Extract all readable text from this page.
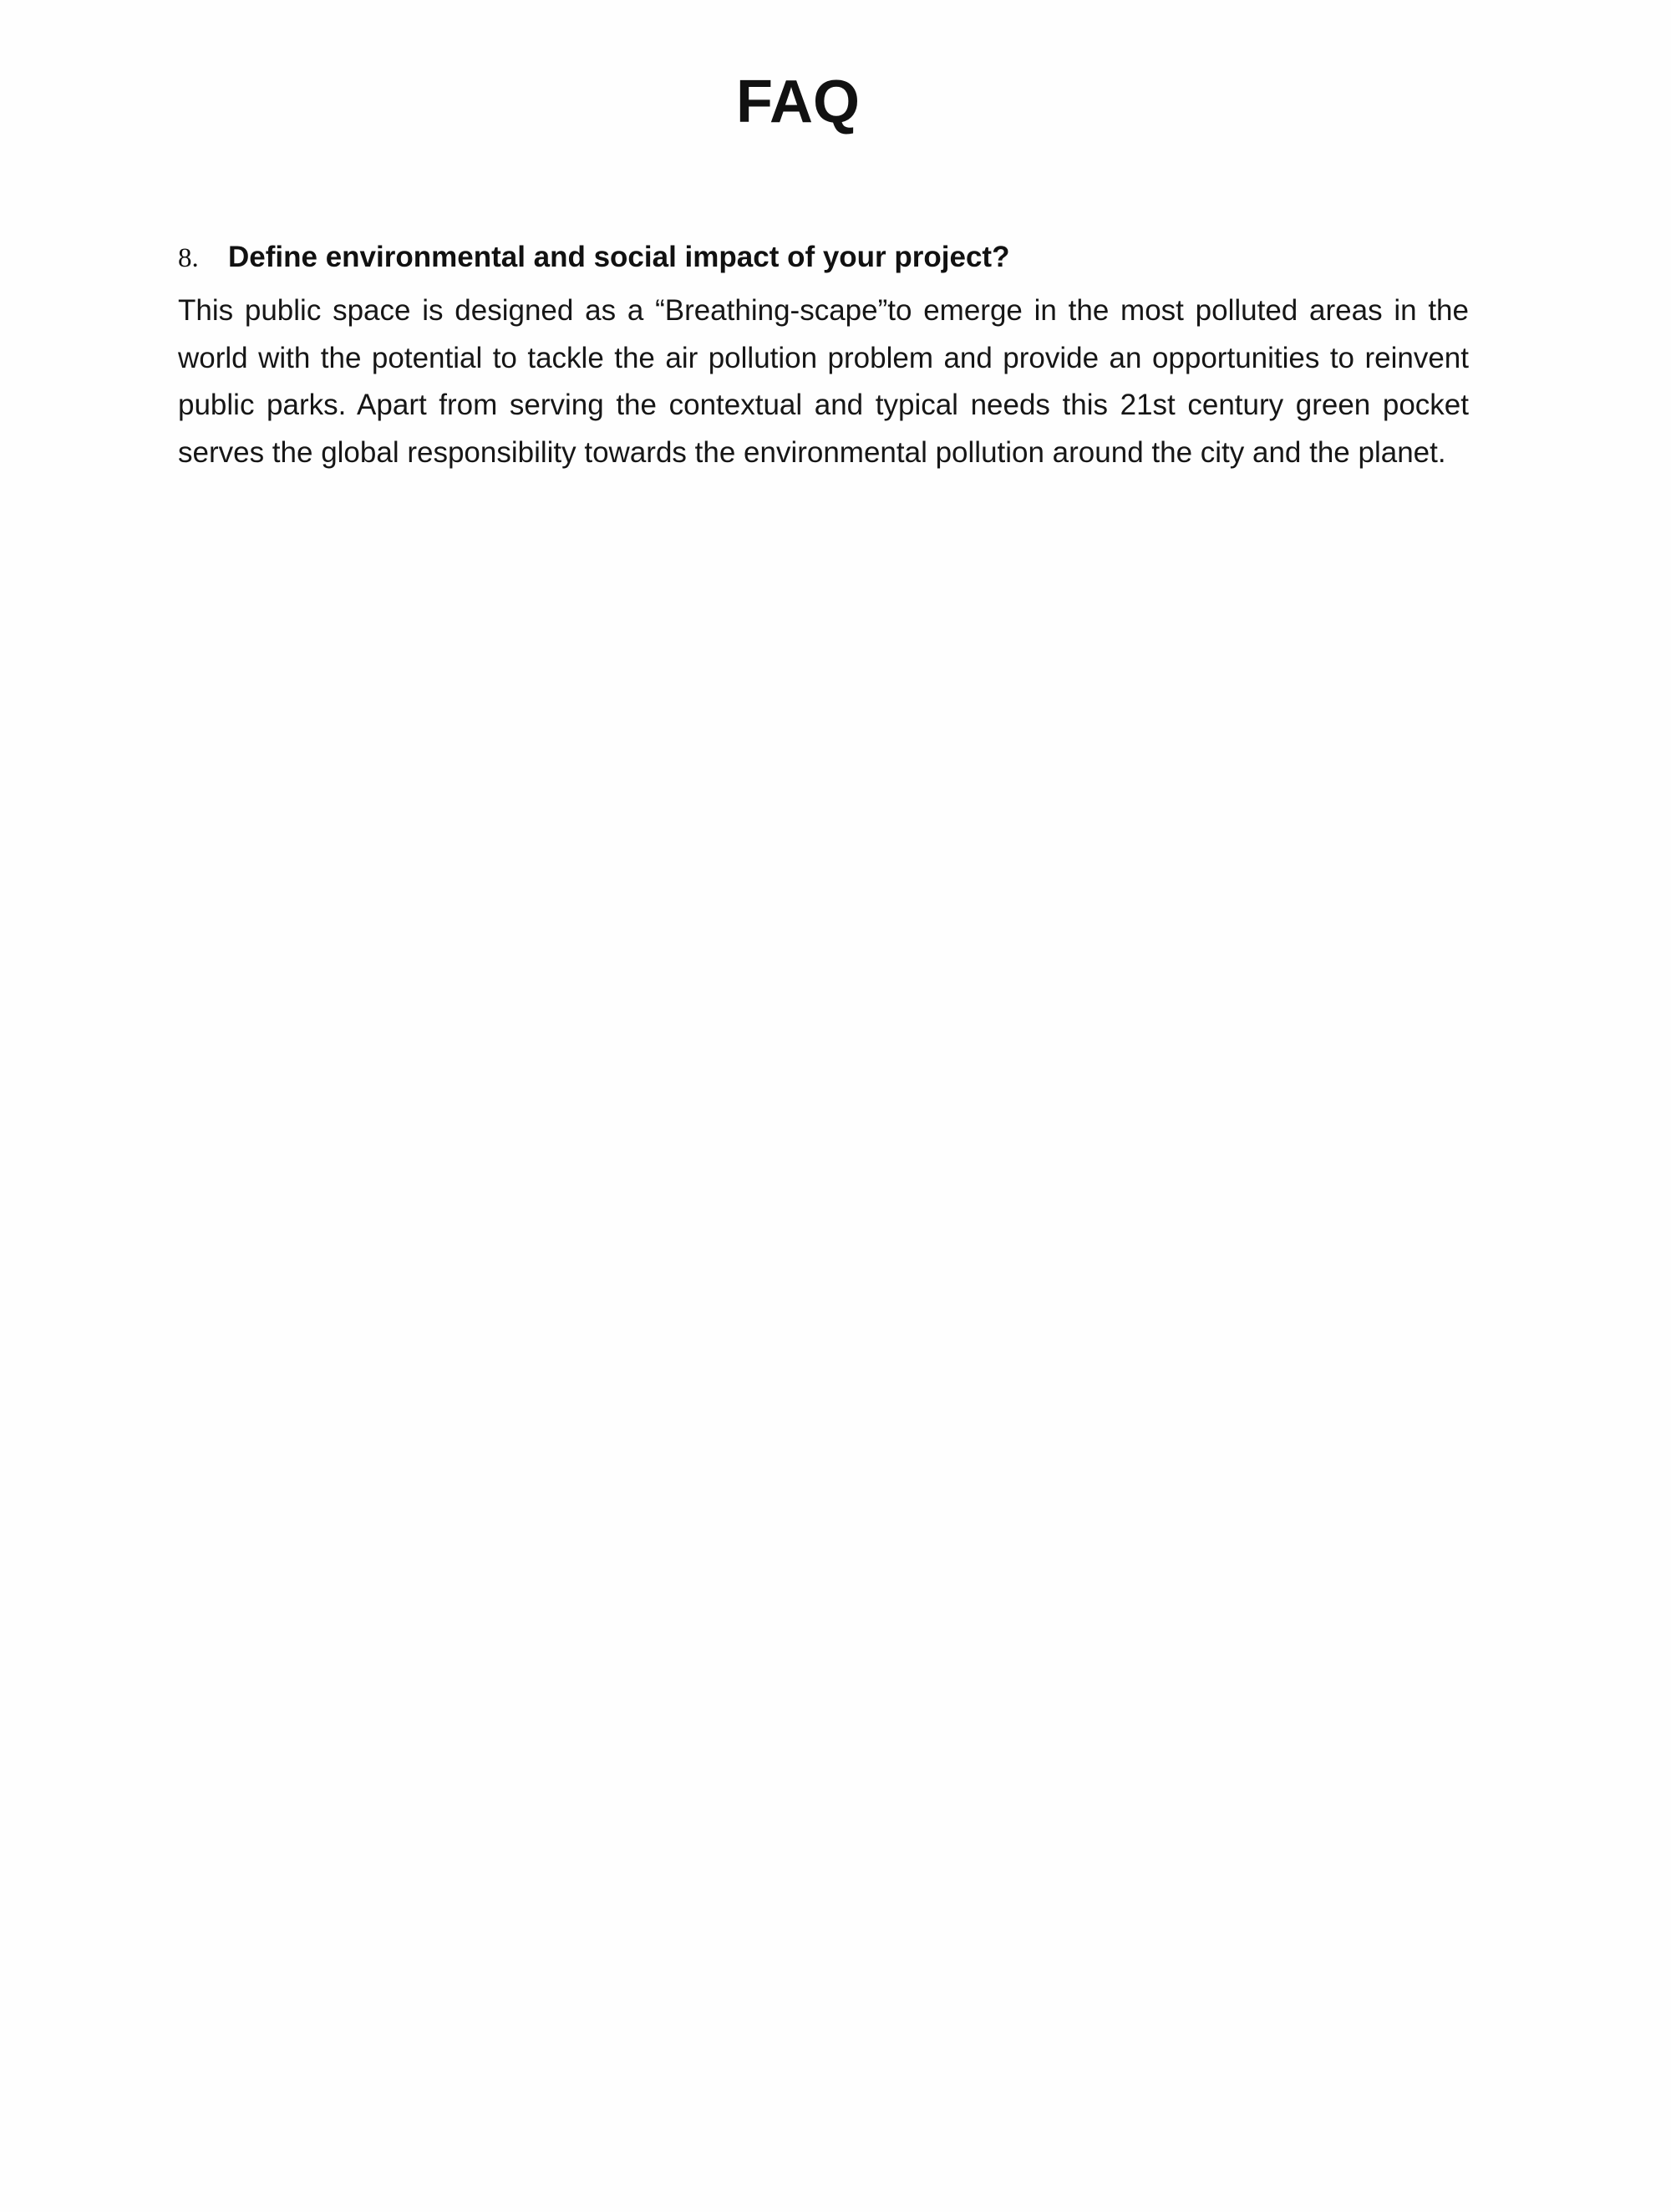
FAQ
8.	Define environmental and social impact of your project?

This public space is designed as a “Breathing-scape”to emerge in the most polluted areas in the world with the potential to tackle the air pollution problem and provide an opportunities to reinvent public parks. Apart from serving the contextual and typical needs this 21st century green pocket serves the global responsibility towards the environmental pollution around the city and the planet.
